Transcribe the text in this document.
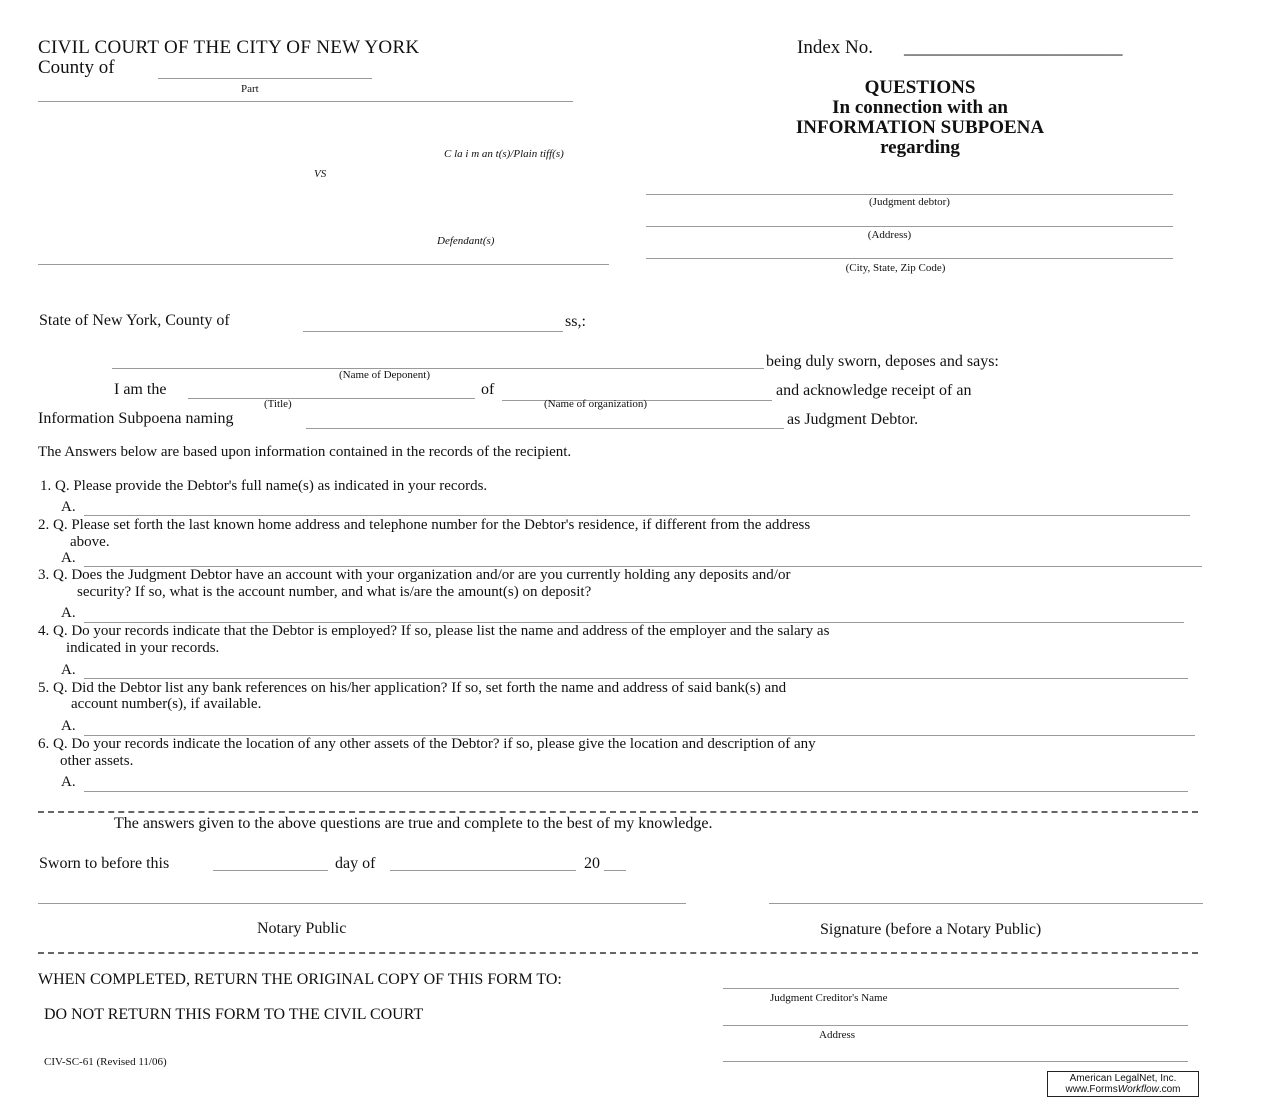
CIVIL COURT OF THE CITY OF NEW YORK
County of
Part
C la i m an t(s)/Plain tiff(s)
VS
Defendant(s)
Index No. _______________________
QUESTIONS
In connection with an
INFORMATION SUBPOENA
regarding
(Judgment debtor)
(Address)
(City, State, Zip Code)
State of New York, County of	ss,:
being duly sworn, deposes and says:
(Name of Deponent)
I am the	of	and acknowledge receipt of an
(Title)	(Name of organization)
Information Subpoena naming	as Judgment Debtor.
The Answers below are based upon information contained in the records of the recipient.
1. Q. Please provide the Debtor's full name(s) as indicated in your records.
A.
2. Q. Please set forth the last known home address and telephone number for the Debtor's residence, if different from the address
above.
A.
3. Q. Does the Judgment Debtor have an account with your organization and/or are you currently holding any deposits and/or
security? If so, what is the account number, and what is/are the amount(s) on deposit?
A.
4. Q. Do your records indicate that the Debtor is employed? If so, please list the name and address of the employer and the salary as
indicated in your records.
A.
5. Q. Did the Debtor list any bank references on his/her application? If so, set forth the name and address of said bank(s) and
account number(s), if available.
A.
6. Q. Do your records indicate the location of any other assets of the Debtor? if so, please give the location and description of any
other assets.
A.
The answers given to the above questions are true and complete to the best of my knowledge.
Sworn to before this	day of	20
Notary Public	Signature (before a Notary Public)
WHEN COMPLETED, RETURN THE ORIGINAL COPY OF THIS FORM TO:
Judgment Creditor's Name
DO NOT RETURN THIS FORM TO THE CIVIL COURT
Address
CIV-SC-61 (Revised 11/06)
American LegalNet, Inc.
www.FormsWorkflow.com
